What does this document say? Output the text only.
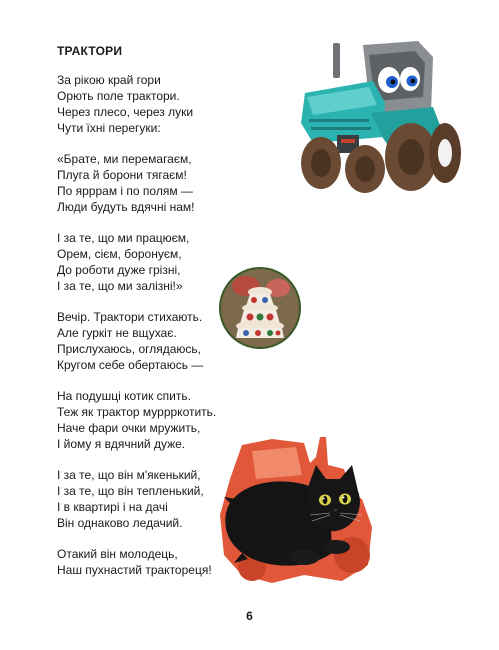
ТРАКТОРИ
За рікою край гори
Орють поле трактори.
Через плесо, через луки
Чути їхні перегуки:
«Брате, ми перемагаєм,
Плуга й борони тягаєм!
По ярррам і по полям —
Люди будуть вдячні нам!
І за те, що ми працюєм,
Орем, сієм, боронуєм,
До роботи дуже грізні,
І за те, що ми залізні!»
Вечір. Трактори стихають.
Але гуркіт не вщухає.
Прислухаюсь, оглядаюсь,
Кругом себе обертаюсь —
На подушці котик спить.
Теж як трактор муррркотить.
Наче фари очки мружить,
І йому я вдячний дуже.
І за те, що він м'якенький,
І за те, що він тепленький,
І в квартирі і на дачі
Він однаково ледачий.
Отакий він молодець,
Наш пухнастий трактореця!
6
